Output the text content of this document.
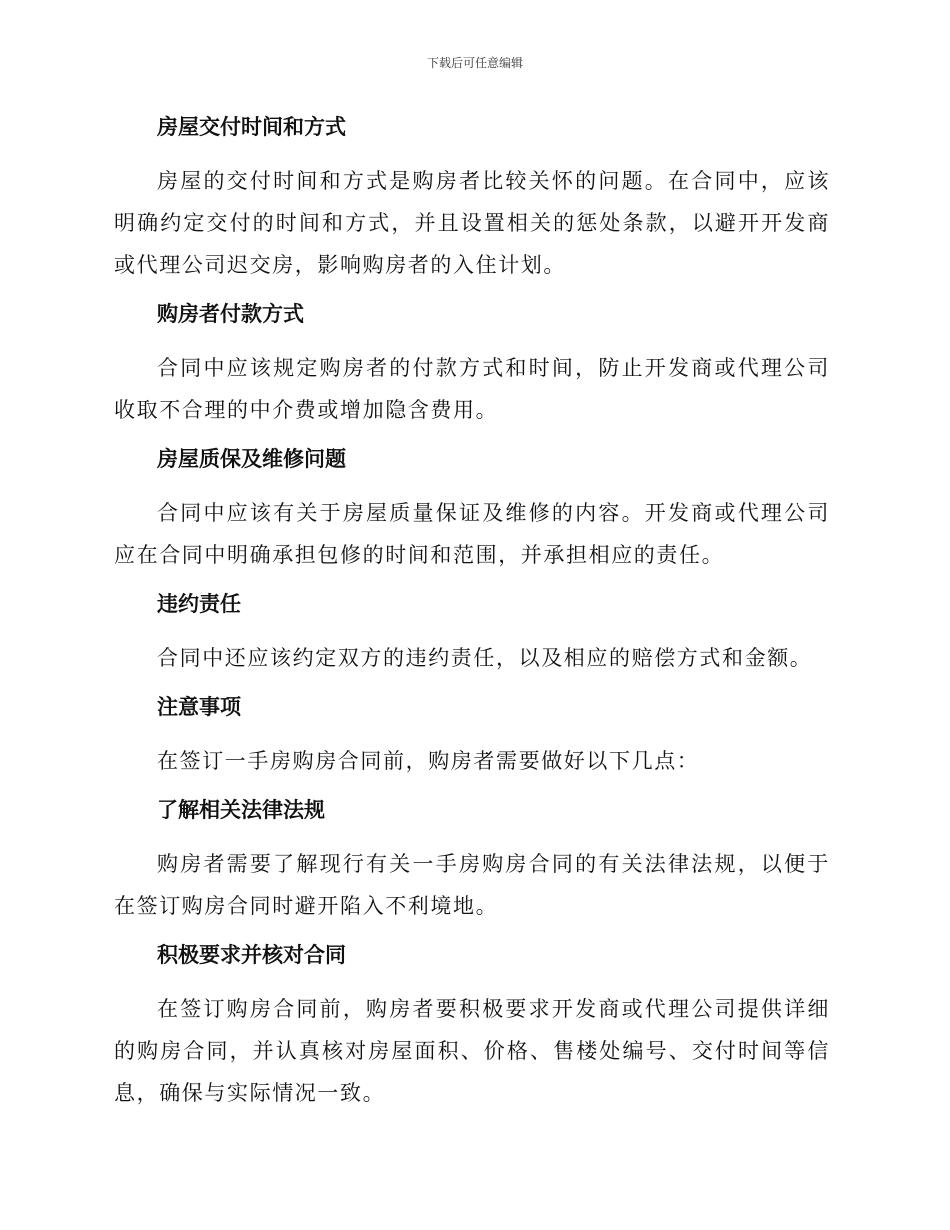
下载后可任意编辑
房屋交付时间和方式

房屋的交付时间和方式是购房者比较关怀的问题。在合同中，应该明确约定交付的时间和方式，并且设置相关的惩处条款，以避开开发商或代理公司迟交房，影响购房者的入住计划。

购房者付款方式

合同中应该规定购房者的付款方式和时间，防止开发商或代理公司收取不合理的中介费或增加隐含费用。

房屋质保及维修问题

合同中应该有关于房屋质量保证及维修的内容。开发商或代理公司应在合同中明确承担包修的时间和范围，并承担相应的责任。

违约责任

合同中还应该约定双方的违约责任，以及相应的赔偿方式和金额。

注意事项

在签订一手房购房合同前，购房者需要做好以下几点：

了解相关法律法规

购房者需要了解现行有关一手房购房合同的有关法律法规，以便于在签订购房合同时避开陷入不利境地。

积极要求并核对合同

在签订购房合同前，购房者要积极要求开发商或代理公司提供详细的购房合同，并认真核对房屋面积、价格、售楼处编号、交付时间等信息，确保与实际情况一致。
